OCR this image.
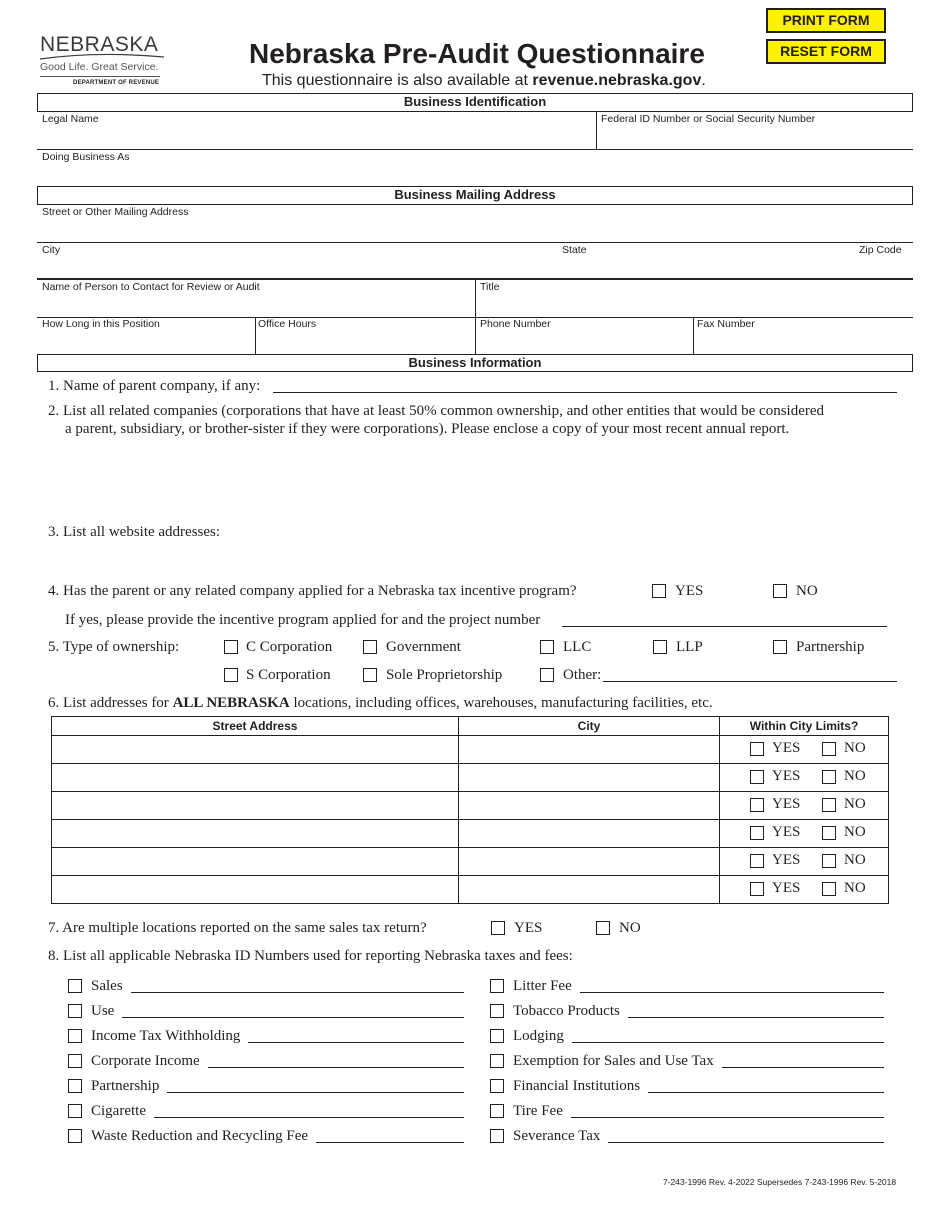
NEBRASKA
Good Life. Great Service.
DEPARTMENT OF REVENUE
Nebraska Pre-Audit Questionnaire
This questionnaire is also available at revenue.nebraska.gov.
PRINT FORM
RESET FORM
Business Identification
Legal Name	Federal ID Number or Social Security Number
Doing Business As
Business Mailing Address
Street or Other Mailing Address
City	State	Zip Code
Name of Person to Contact for Review or Audit	Title
How Long in this Position	Office Hours	Phone Number	Fax Number
Business Information
1. Name of parent company, if any:
2. List all related companies (corporations that have at least 50% common ownership, and other entities that would be considered
a parent, subsidiary, or brother-sister if they were corporations). Please enclose a copy of your most recent annual report.
3. List all website addresses:
4. Has the parent or any related company applied for a Nebraska tax incentive program?	YES	NO
If yes, please provide the incentive program applied for and the project number
5. Type of ownership:	C Corporation	Government	LLC	LLP	Partnership
S Corporation	Sole Proprietorship	Other:
6. List addresses for ALL NEBRASKA locations, including offices, warehouses, manufacturing facilities, etc.
Street Address	City	Within City Limits?

		YES NO

		YES NO

		YES NO

		YES NO

		YES NO

		YES NO
7. Are multiple locations reported on the same sales tax return?	YES	NO
8. List all applicable Nebraska ID Numbers used for reporting Nebraska taxes and fees:
Sales
Use
Income Tax Withholding
Corporate Income
Partnership
Cigarette
Waste Reduction and Recycling Fee
Litter Fee
Tobacco Products
Lodging
Exemption for Sales and Use Tax
Financial Institutions
Tire Fee
Severance Tax
7-243-1996 Rev. 4-2022 Supersedes 7-243-1996 Rev. 5-2018
